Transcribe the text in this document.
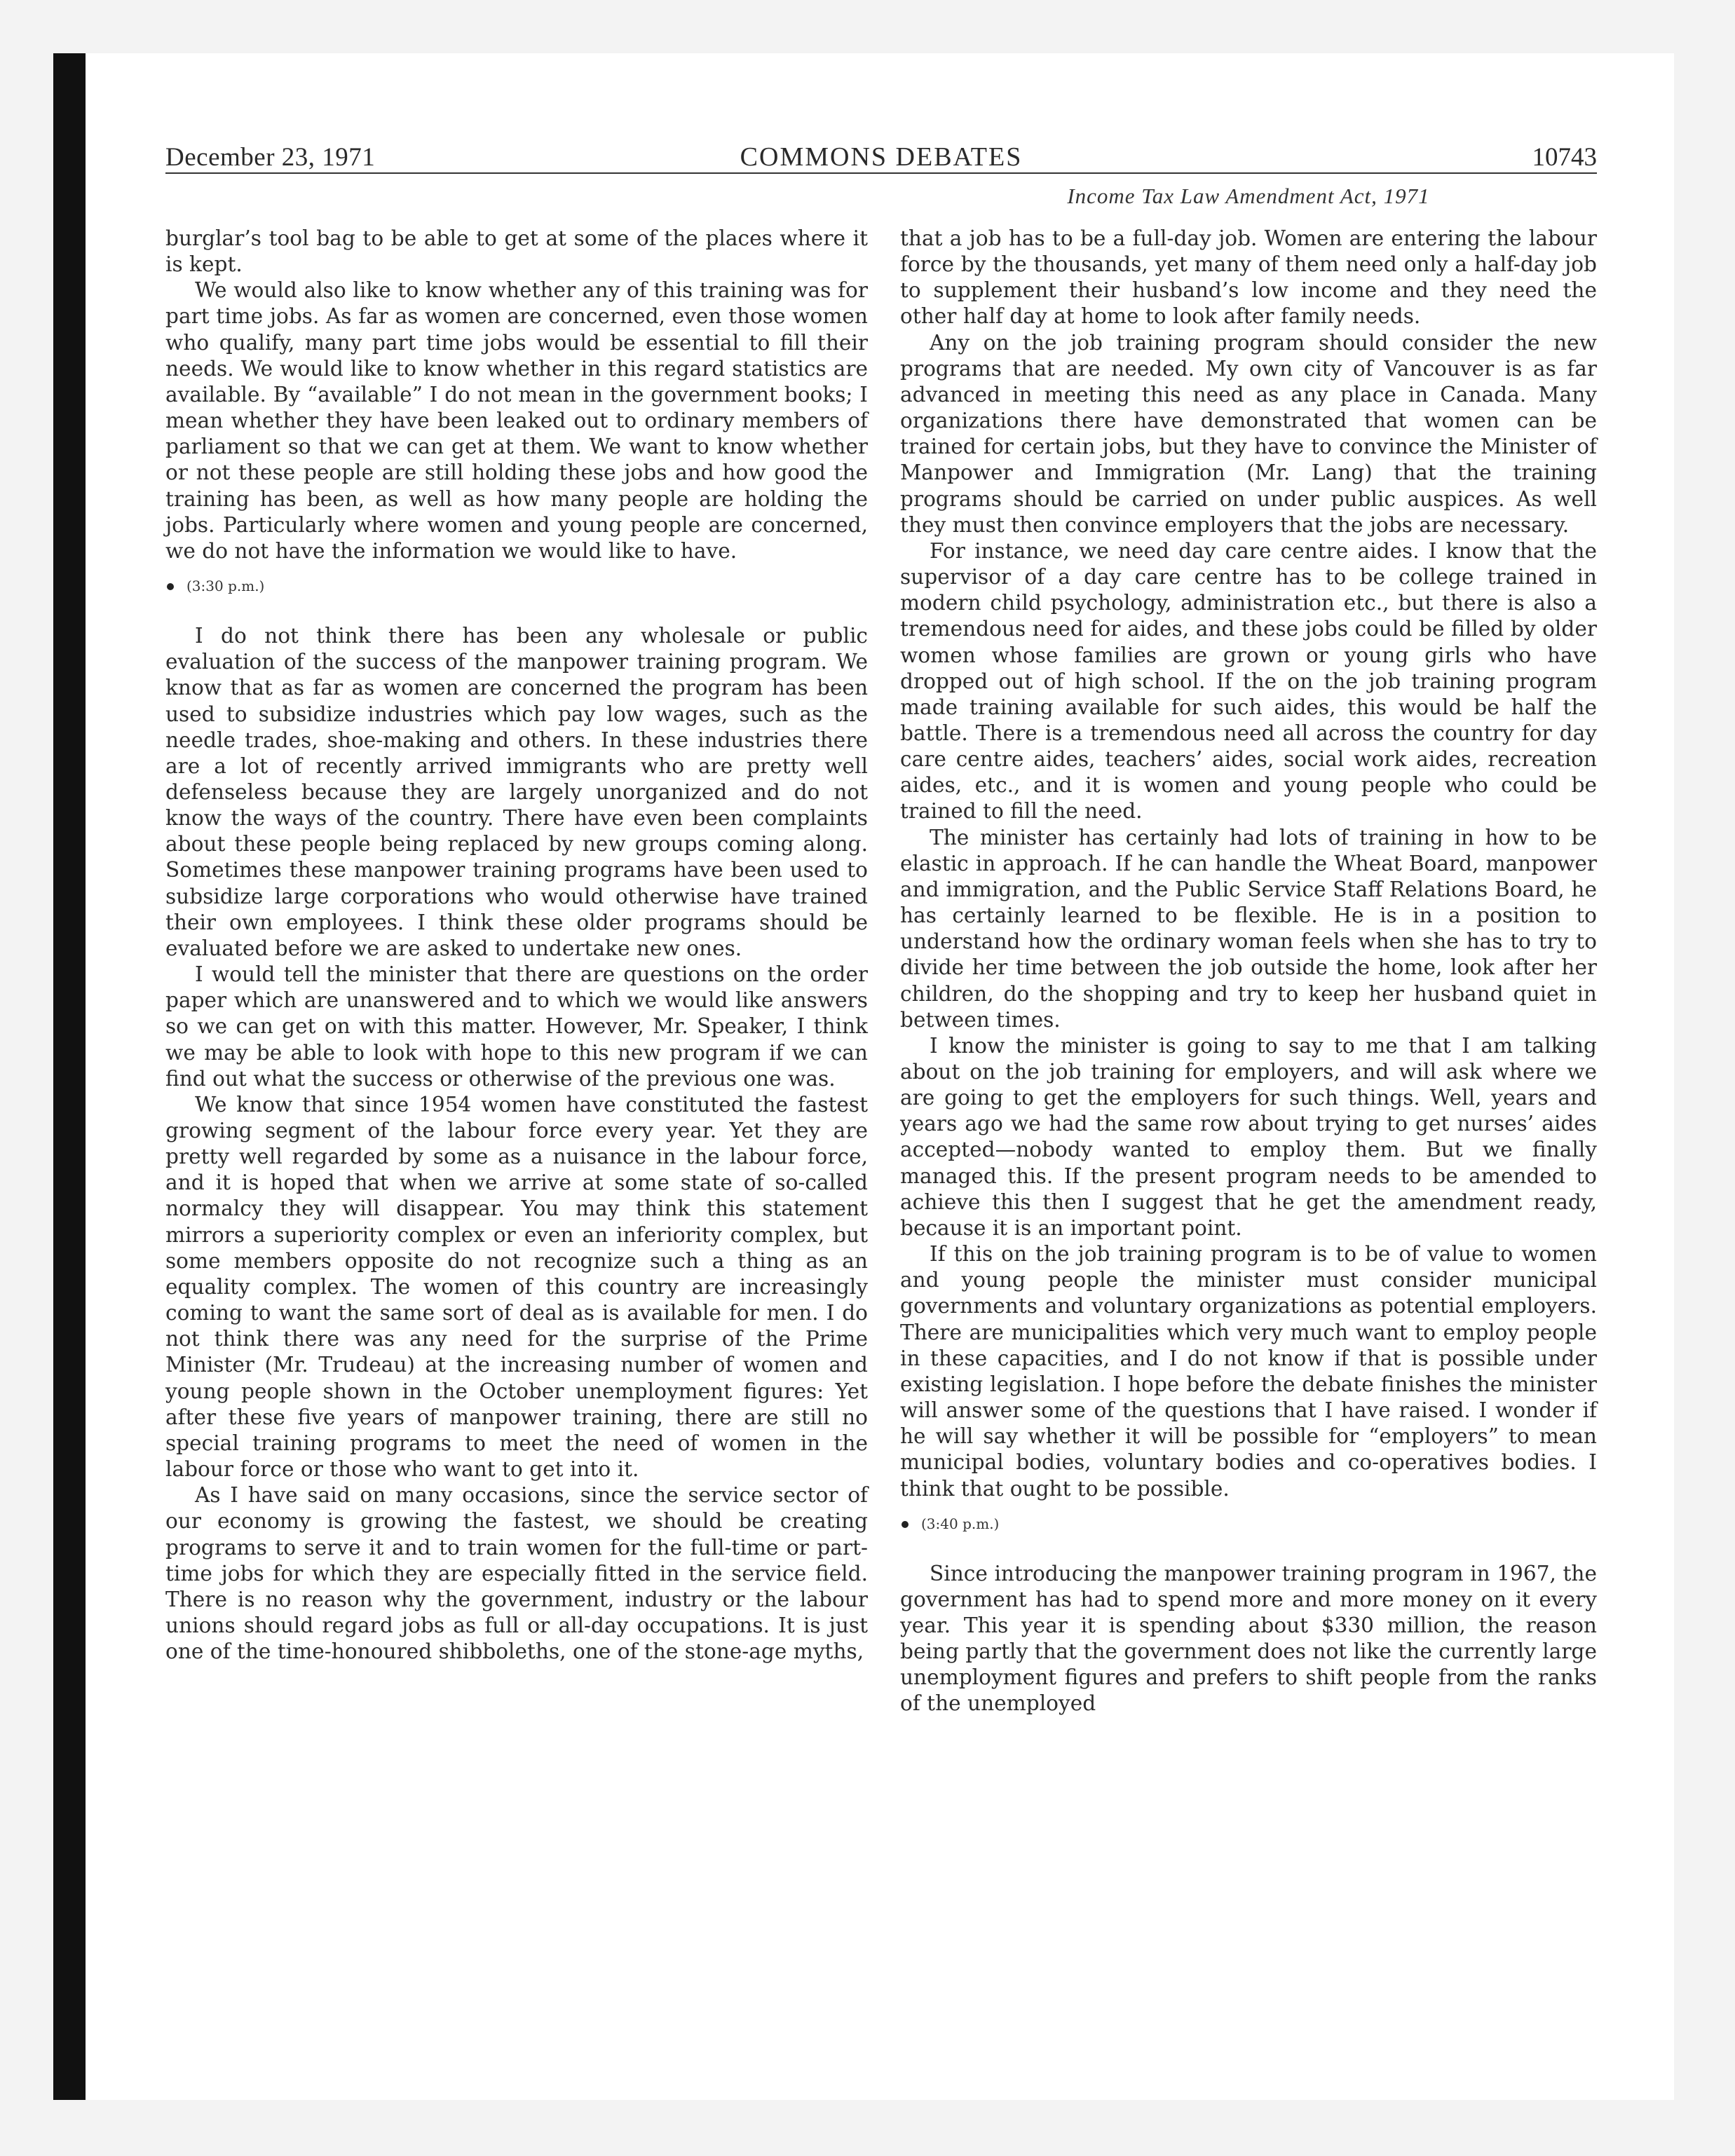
December 23, 1971	COMMONS DEBATES	10743
Income Tax Law Amendment Act, 1971

burglar’s tool bag to be able to get at some of the places where it is kept.

We would also like to know whether any of this training was for part time jobs. As far as women are concerned, even those women who qualify, many part time jobs would be essential to fill their needs. We would like to know whether in this regard statistics are available. By “available” I do not mean in the government books; I mean whether they have been leaked out to ordinary members of parliament so that we can get at them. We want to know whether or not these people are still holding these jobs and how good the training has been, as well as how many people are holding the jobs. Particularly where women and young people are concerned, we do not have the information we would like to have.

(3:30 p.m.)

I do not think there has been any wholesale or public evaluation of the success of the manpower training program. We know that as far as women are concerned the program has been used to subsidize industries which pay low wages, such as the needle trades, shoe-making and others. In these industries there are a lot of recently arrived immigrants who are pretty well defenseless because they are largely unorganized and do not know the ways of the country. There have even been complaints about these people being replaced by new groups coming along. Sometimes these manpower training programs have been used to subsidize large corporations who would otherwise have trained their own employees. I think these older programs should be evaluated before we are asked to undertake new ones.

I would tell the minister that there are questions on the order paper which are unanswered and to which we would like answers so we can get on with this matter. However, Mr. Speaker, I think we may be able to look with hope to this new program if we can find out what the success or otherwise of the previous one was.

We know that since 1954 women have constituted the fastest growing segment of the labour force every year. Yet they are pretty well regarded by some as a nuisance in the labour force, and it is hoped that when we arrive at some state of so-called normalcy they will disappear. You may think this statement mirrors a superiority complex or even an inferiority complex, but some members opposite do not recognize such a thing as an equality complex. The women of this country are increasingly coming to want the same sort of deal as is available for men. I do not think there was any need for the surprise of the Prime Minister (Mr. Trudeau) at the increasing number of women and young people shown in the October unemployment figures: Yet after these five years of manpower training, there are still no special training programs to meet the need of women in the labour force or those who want to get into it.

As I have said on many occasions, since the service sector of our economy is growing the fastest, we should be creating programs to serve it and to train women for the full-time or part-time jobs for which they are especially fitted in the service field. There is no reason why the government, industry or the labour unions should regard jobs as full or all-day occupations. It is just one of the time-honoured shibboleths, one of the stone-age myths,

that a job has to be a full-day job. Women are entering the labour force by the thousands, yet many of them need only a half-day job to supplement their husband’s low income and they need the other half day at home to look after family needs.

Any on the job training program should consider the new programs that are needed. My own city of Vancouver is as far advanced in meeting this need as any place in Canada. Many organizations there have demonstrated that women can be trained for certain jobs, but they have to convince the Minister of Manpower and Immigration (Mr. Lang) that the training programs should be carried on under public auspices. As well they must then convince employers that the jobs are necessary.

For instance, we need day care centre aides. I know that the supervisor of a day care centre has to be college trained in modern child psychology, administration etc., but there is also a tremendous need for aides, and these jobs could be filled by older women whose families are grown or young girls who have dropped out of high school. If the on the job training program made training available for such aides, this would be half the battle. There is a tremendous need all across the country for day care centre aides, teachers’ aides, social work aides, recreation aides, etc., and it is women and young people who could be trained to fill the need.

The minister has certainly had lots of training in how to be elastic in approach. If he can handle the Wheat Board, manpower and immigration, and the Public Service Staff Relations Board, he has certainly learned to be flexible. He is in a position to understand how the ordinary woman feels when she has to try to divide her time between the job outside the home, look after her children, do the shopping and try to keep her husband quiet in between times.

I know the minister is going to say to me that I am talking about on the job training for employers, and will ask where we are going to get the employers for such things. Well, years and years ago we had the same row about trying to get nurses’ aides accepted—nobody wanted to employ them. But we finally managed this. If the present program needs to be amended to achieve this then I suggest that he get the amendment ready, because it is an important point.

If this on the job training program is to be of value to women and young people the minister must consider municipal governments and voluntary organizations as potential employers. There are municipalities which very much want to employ people in these capacities, and I do not know if that is possible under existing legislation. I hope before the debate finishes the minister will answer some of the questions that I have raised. I wonder if he will say whether it will be possible for “employers” to mean municipal bodies, voluntary bodies and co-operatives bodies. I think that ought to be possible.

(3:40 p.m.)

Since introducing the manpower training program in 1967, the government has had to spend more and more money on it every year. This year it is spending about $330 million, the reason being partly that the government does not like the currently large unemployment figures and prefers to shift people from the ranks of the unemployed
